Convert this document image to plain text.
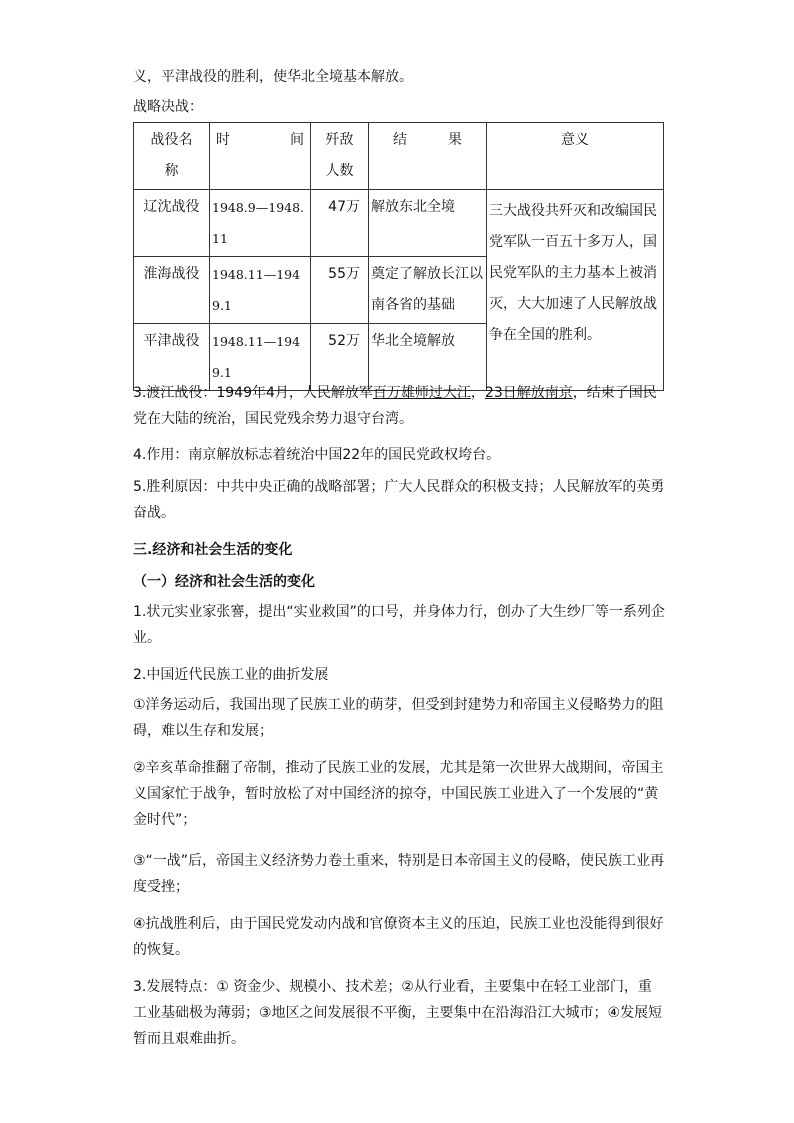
义，平津战役的胜利，使华北全境基本解放。

战略决战：

战役名称	时 间	歼敌人数	结 果	意义
辽沈战役	1948.9—1948.11	47万	解放东北全境	三大战役共歼灭和改编国民党军队一百五十多万人，国民党军队的主力基本上被消灭，大大加速了人民解放战争在全国的胜利。
淮海战役	1948.11—1949.1	55万	奠定了解放长江以南各省的基础	
平津战役	1948.11—1949.1	52万	华北全境解放	

3.渡江战役：1949年4月，人民解放军百万雄师过大江，23日解放南京，结束了国民党在大陆的统治，国民党残余势力退守台湾。

4.作用：南京解放标志着统治中国22年的国民党政权垮台。

5.胜利原因：中共中央正确的战略部署；广大人民群众的积极支持；人民解放军的英勇奋战。

三.经济和社会生活的变化

（一）经济和社会生活的变化

1.状元实业家张謇，提出“实业救国”的口号，并身体力行，创办了大生纱厂等一系列企业。

2.中国近代民族工业的曲折发展

①洋务运动后，我国出现了民族工业的萌芽，但受到封建势力和帝国主义侵略势力的阻碍，难以生存和发展；

②辛亥革命推翻了帝制，推动了民族工业的发展，尤其是第一次世界大战期间，帝国主义国家忙于战争，暂时放松了对中国经济的掠夺，中国民族工业进入了一个发展的“黄金时代”；

③“一战”后，帝国主义经济势力卷土重来，特别是日本帝国主义的侵略，使民族工业再度受挫；

④抗战胜利后，由于国民党发动内战和官僚资本主义的压迫，民族工业也没能得到很好的恢复。

3.发展特点：① 资金少、规模小、技术差；②从行业看，主要集中在轻工业部门，重工业基础极为薄弱；③地区之间发展很不平衡，主要集中在沿海沿江大城市；④发展短暂而且艰难曲折。
